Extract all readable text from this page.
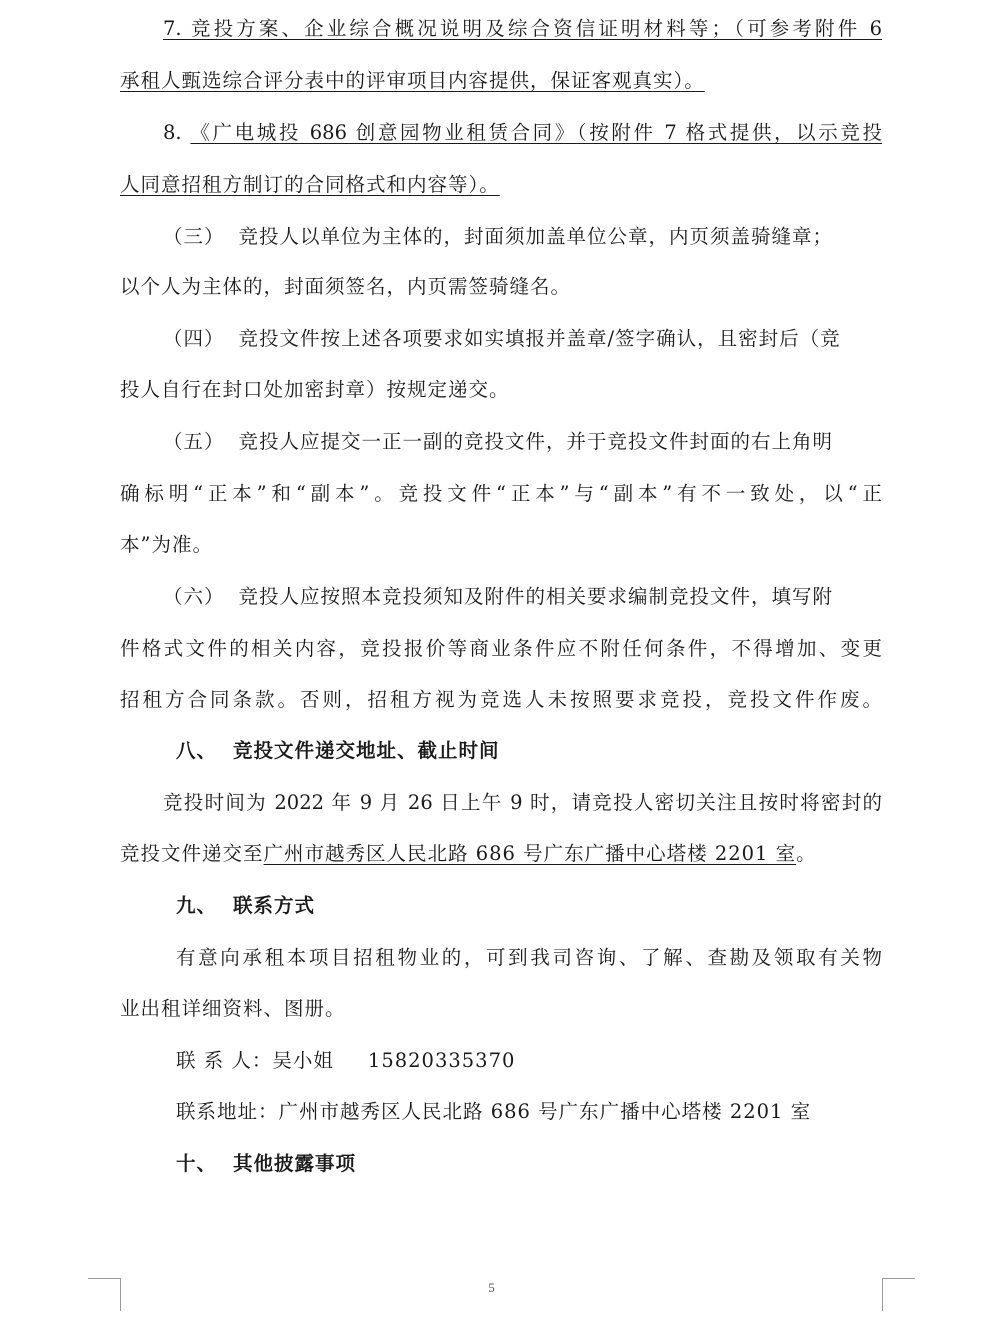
7. 竞投方案、企业综合概况说明及综合资信证明材料等；（可参考附件 6
承租人甄选综合评分表中的评审项目内容提供，保证客观真实）。
8. 《广电城投 686 创意园物业租赁合同》（按附件 7 格式提供，以示竞投
人同意招租方制订的合同格式和内容等）。
（三） 竞投人以单位为主体的，封面须加盖单位公章，内页须盖骑缝章；
以个人为主体的，封面须签名，内页需签骑缝名。
（四） 竞投文件按上述各项要求如实填报并盖章/签字确认，且密封后（竞
投人自行在封口处加密封章）按规定递交。
（五） 竞投人应提交一正一副的竞投文件，并于竞投文件封面的右上角明
确标明“正本”和“副本”。竞投文件“正本”与“副本”有不一致处，以“正
本”为准。
（六） 竞投人应按照本竞投须知及附件的相关要求编制竞投文件，填写附
件格式文件的相关内容，竞投报价等商业条件应不附任何条件，不得增加、变更
招租方合同条款。否则，招租方视为竞选人未按照要求竞投，竞投文件作废。
八、 竞投文件递交地址、截止时间
竞投时间为 2022 年 9 月 26 日上午 9 时，请竞投人密切关注且按时将密封的
竞投文件递交至广州市越秀区人民北路 686 号广东广播中心塔楼 2201 室。
九、 联系方式
有意向承租本项目招租物业的，可到我司咨询、了解、查勘及领取有关物
业出租详细资料、图册。
联 系 人：吴小姐 15820335370
联系地址：广州市越秀区人民北路 686 号广东广播中心塔楼 2201 室
十、 其他披露事项
5
